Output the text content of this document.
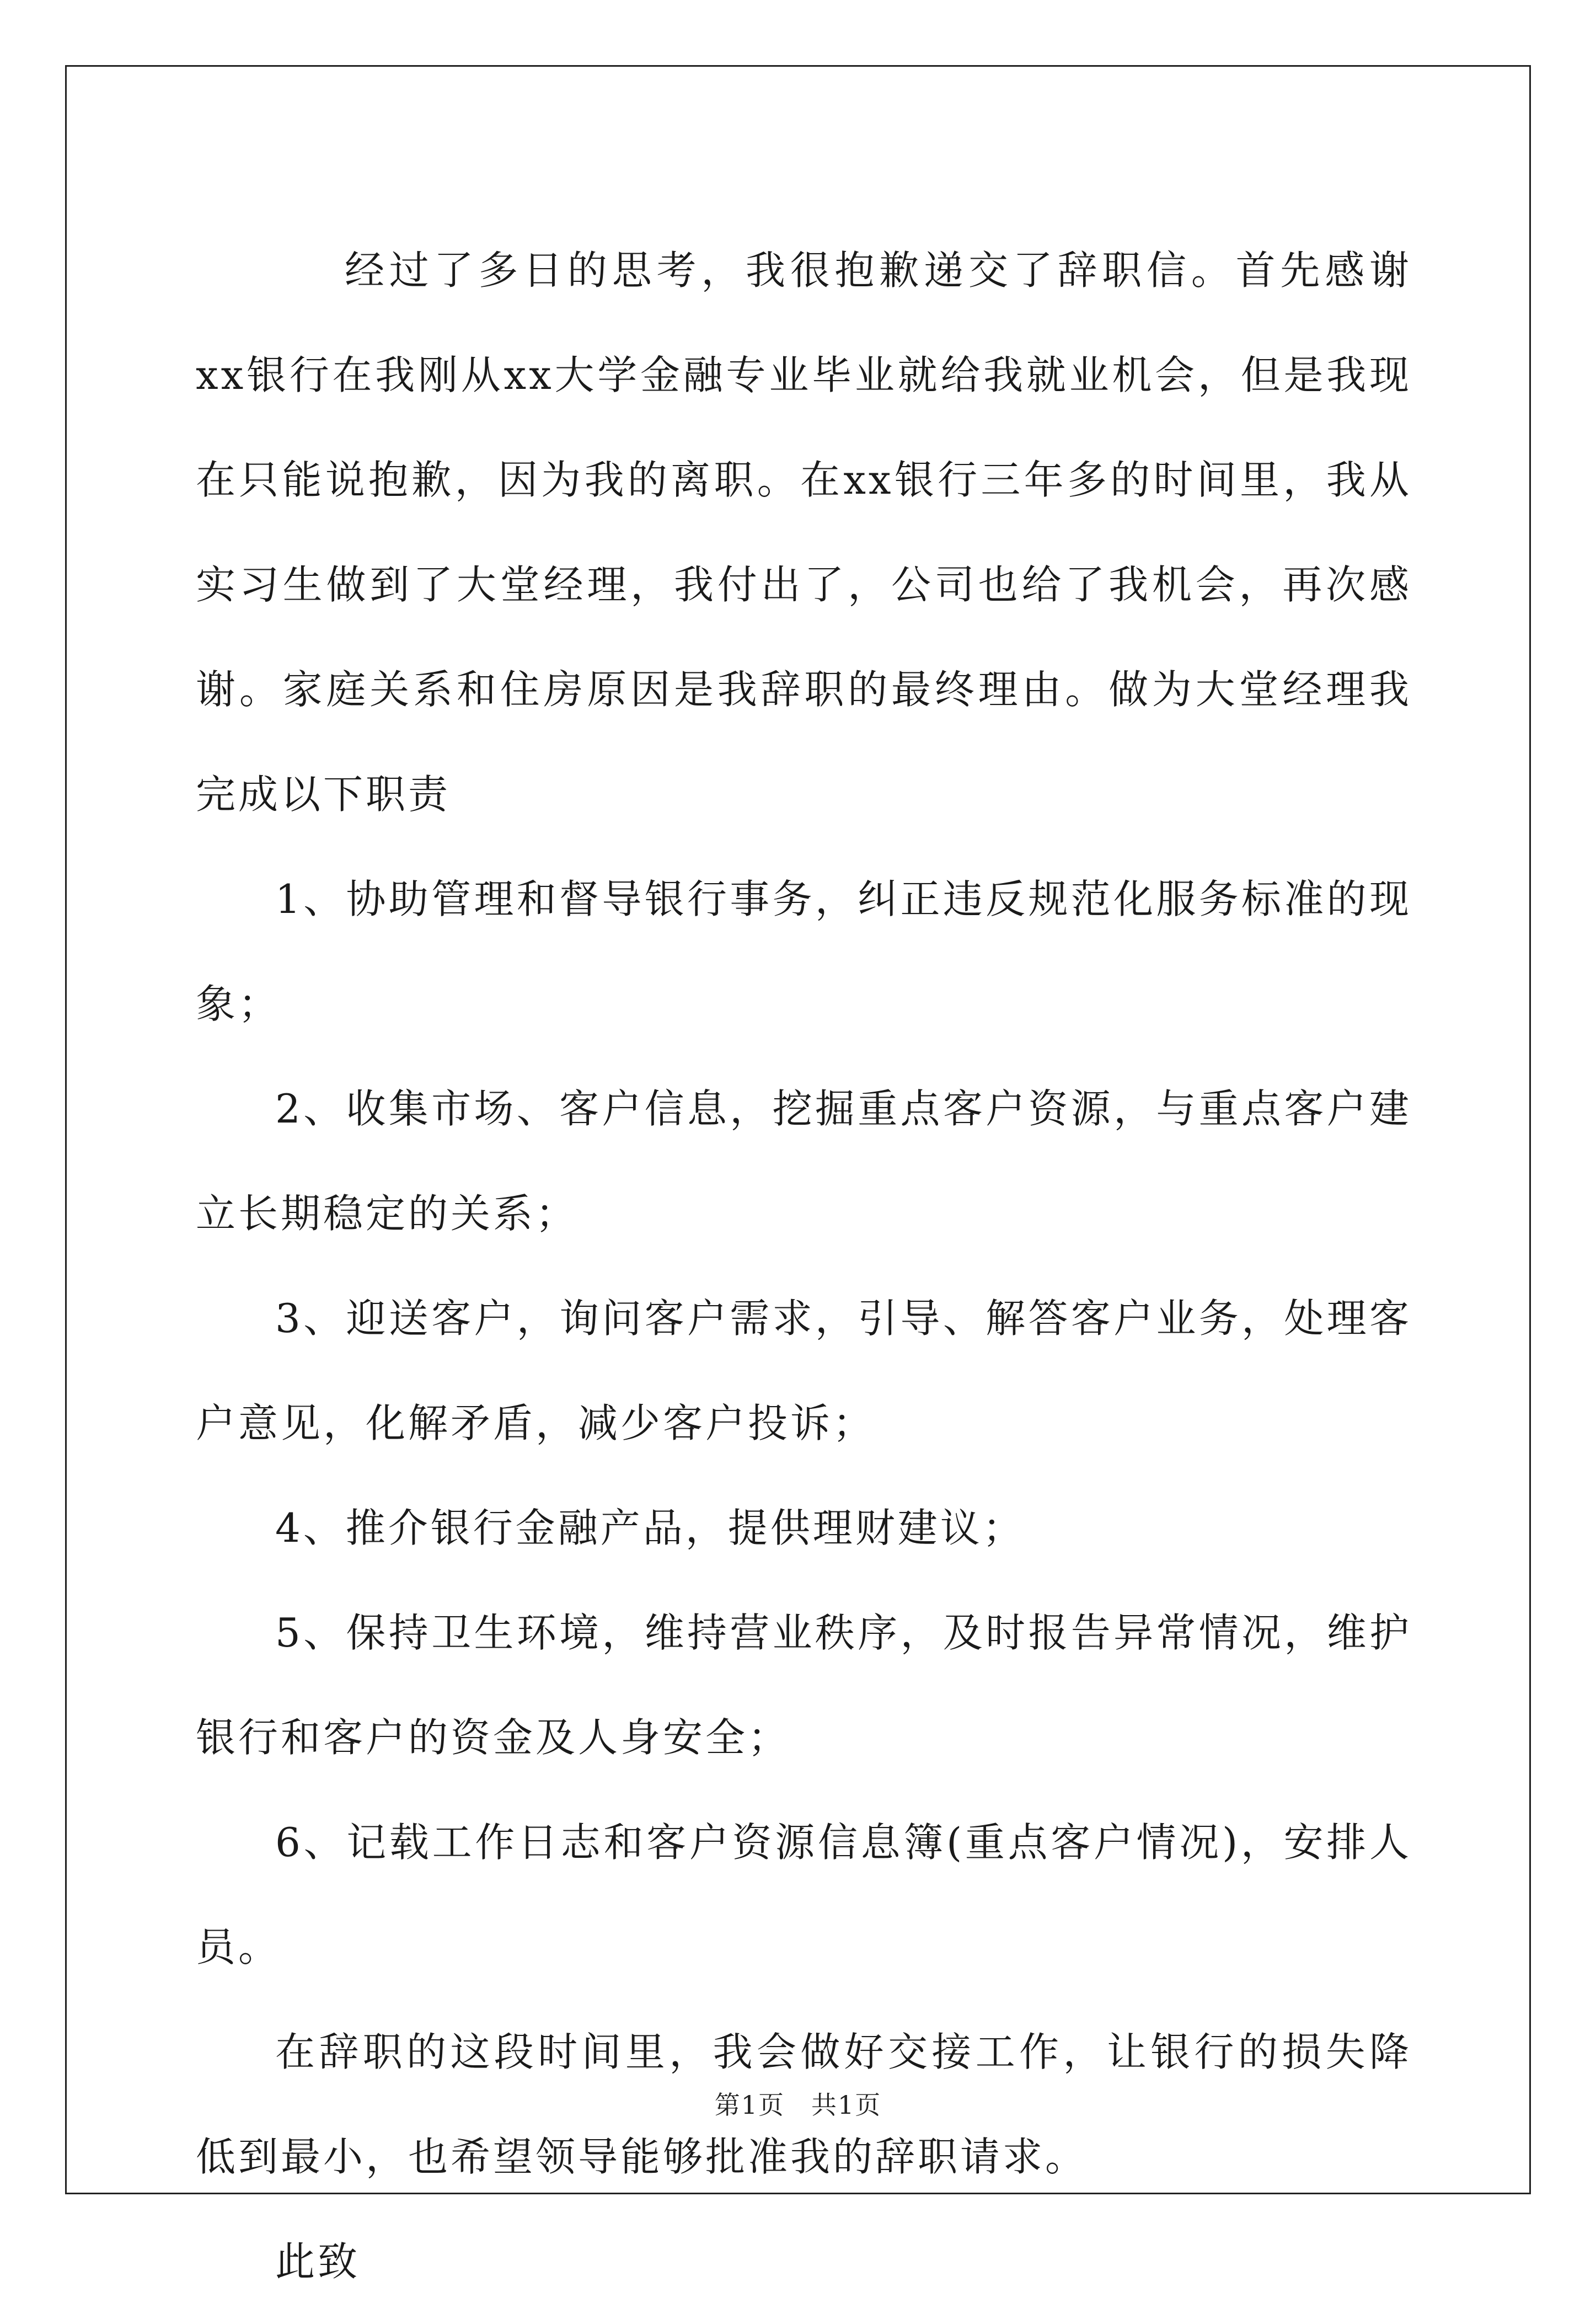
经过了多日的思考，我很抱歉递交了辞职信。首先感谢xx银行在我刚从xx大学金融专业毕业就给我就业机会，但是我现在只能说抱歉，因为我的离职。在xx银行三年多的时间里，我从实习生做到了大堂经理，我付出了，公司也给了我机会，再次感谢。家庭关系和住房原因是我辞职的最终理由。做为大堂经理我完成以下职责

1、协助管理和督导银行事务，纠正违反规范化服务标准的现象；

2、收集市场、客户信息，挖掘重点客户资源，与重点客户建立长期稳定的关系；

3、迎送客户，询问客户需求，引导、解答客户业务，处理客户意见，化解矛盾，减少客户投诉；

4、推介银行金融产品，提供理财建议；

5、保持卫生环境，维持营业秩序，及时报告异常情况，维护银行和客户的资金及人身安全；

6、记载工作日志和客户资源信息簿(重点客户情况)，安排人员。

在辞职的这段时间里，我会做好交接工作，让银行的损失降低到最小，也希望领导能够批准我的辞职请求。

此致

第1页　共1页
